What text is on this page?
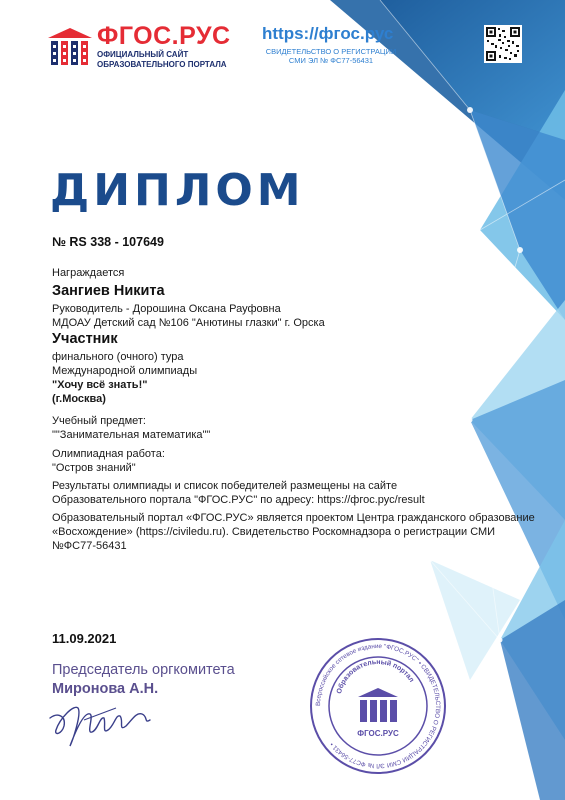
ФГОС.РУС
ОФИЦИАЛЬНЫЙ САЙТ
ОБРАЗОВАТЕЛЬНОГО ПОРТАЛА
https://фгос.рус
СВИДЕТЕЛЬСТВО О РЕГИСТРАЦИИ
СМИ ЭЛ № ФС77-56431
ДИПЛОМ
№ RS 338 - 107649
Награждается
Зангиев Никита
Руководитель - Дорошина Оксана Рауфовна
МДОАУ Детский сад №106 "Анютины глазки" г. Орска
Участник
финального (очного) тура
Международной олимпиады
"Хочу всё знать!"
(г.Москва)
Учебный предмет:
""Занимательная математика""
Олимпиадная работа:
"Остров знаний"
Результаты олимпиады и список победителей размещены на сайте
Образовательного портала "ФГОС.РУС" по адресу: https://фгос.рус/result
Образовательный портал «ФГОС.РУС» является проектом Центра гражданского образование
«Восхождение» (https://civiledu.ru). Свидетельство Роскомнадзора о регистрации СМИ
№ФС77-56431
11.09.2021
Председатель оргкомитета
Миронова А.Н.
Всероссийское сетевое издание "ФГОС.РУС" • СВИДЕТЕЛЬСТВО О РЕГИСТРАЦИИ СМИ ЭЛ № ФС77-56431 •
Образовательный портал
ФГОС.РУС
